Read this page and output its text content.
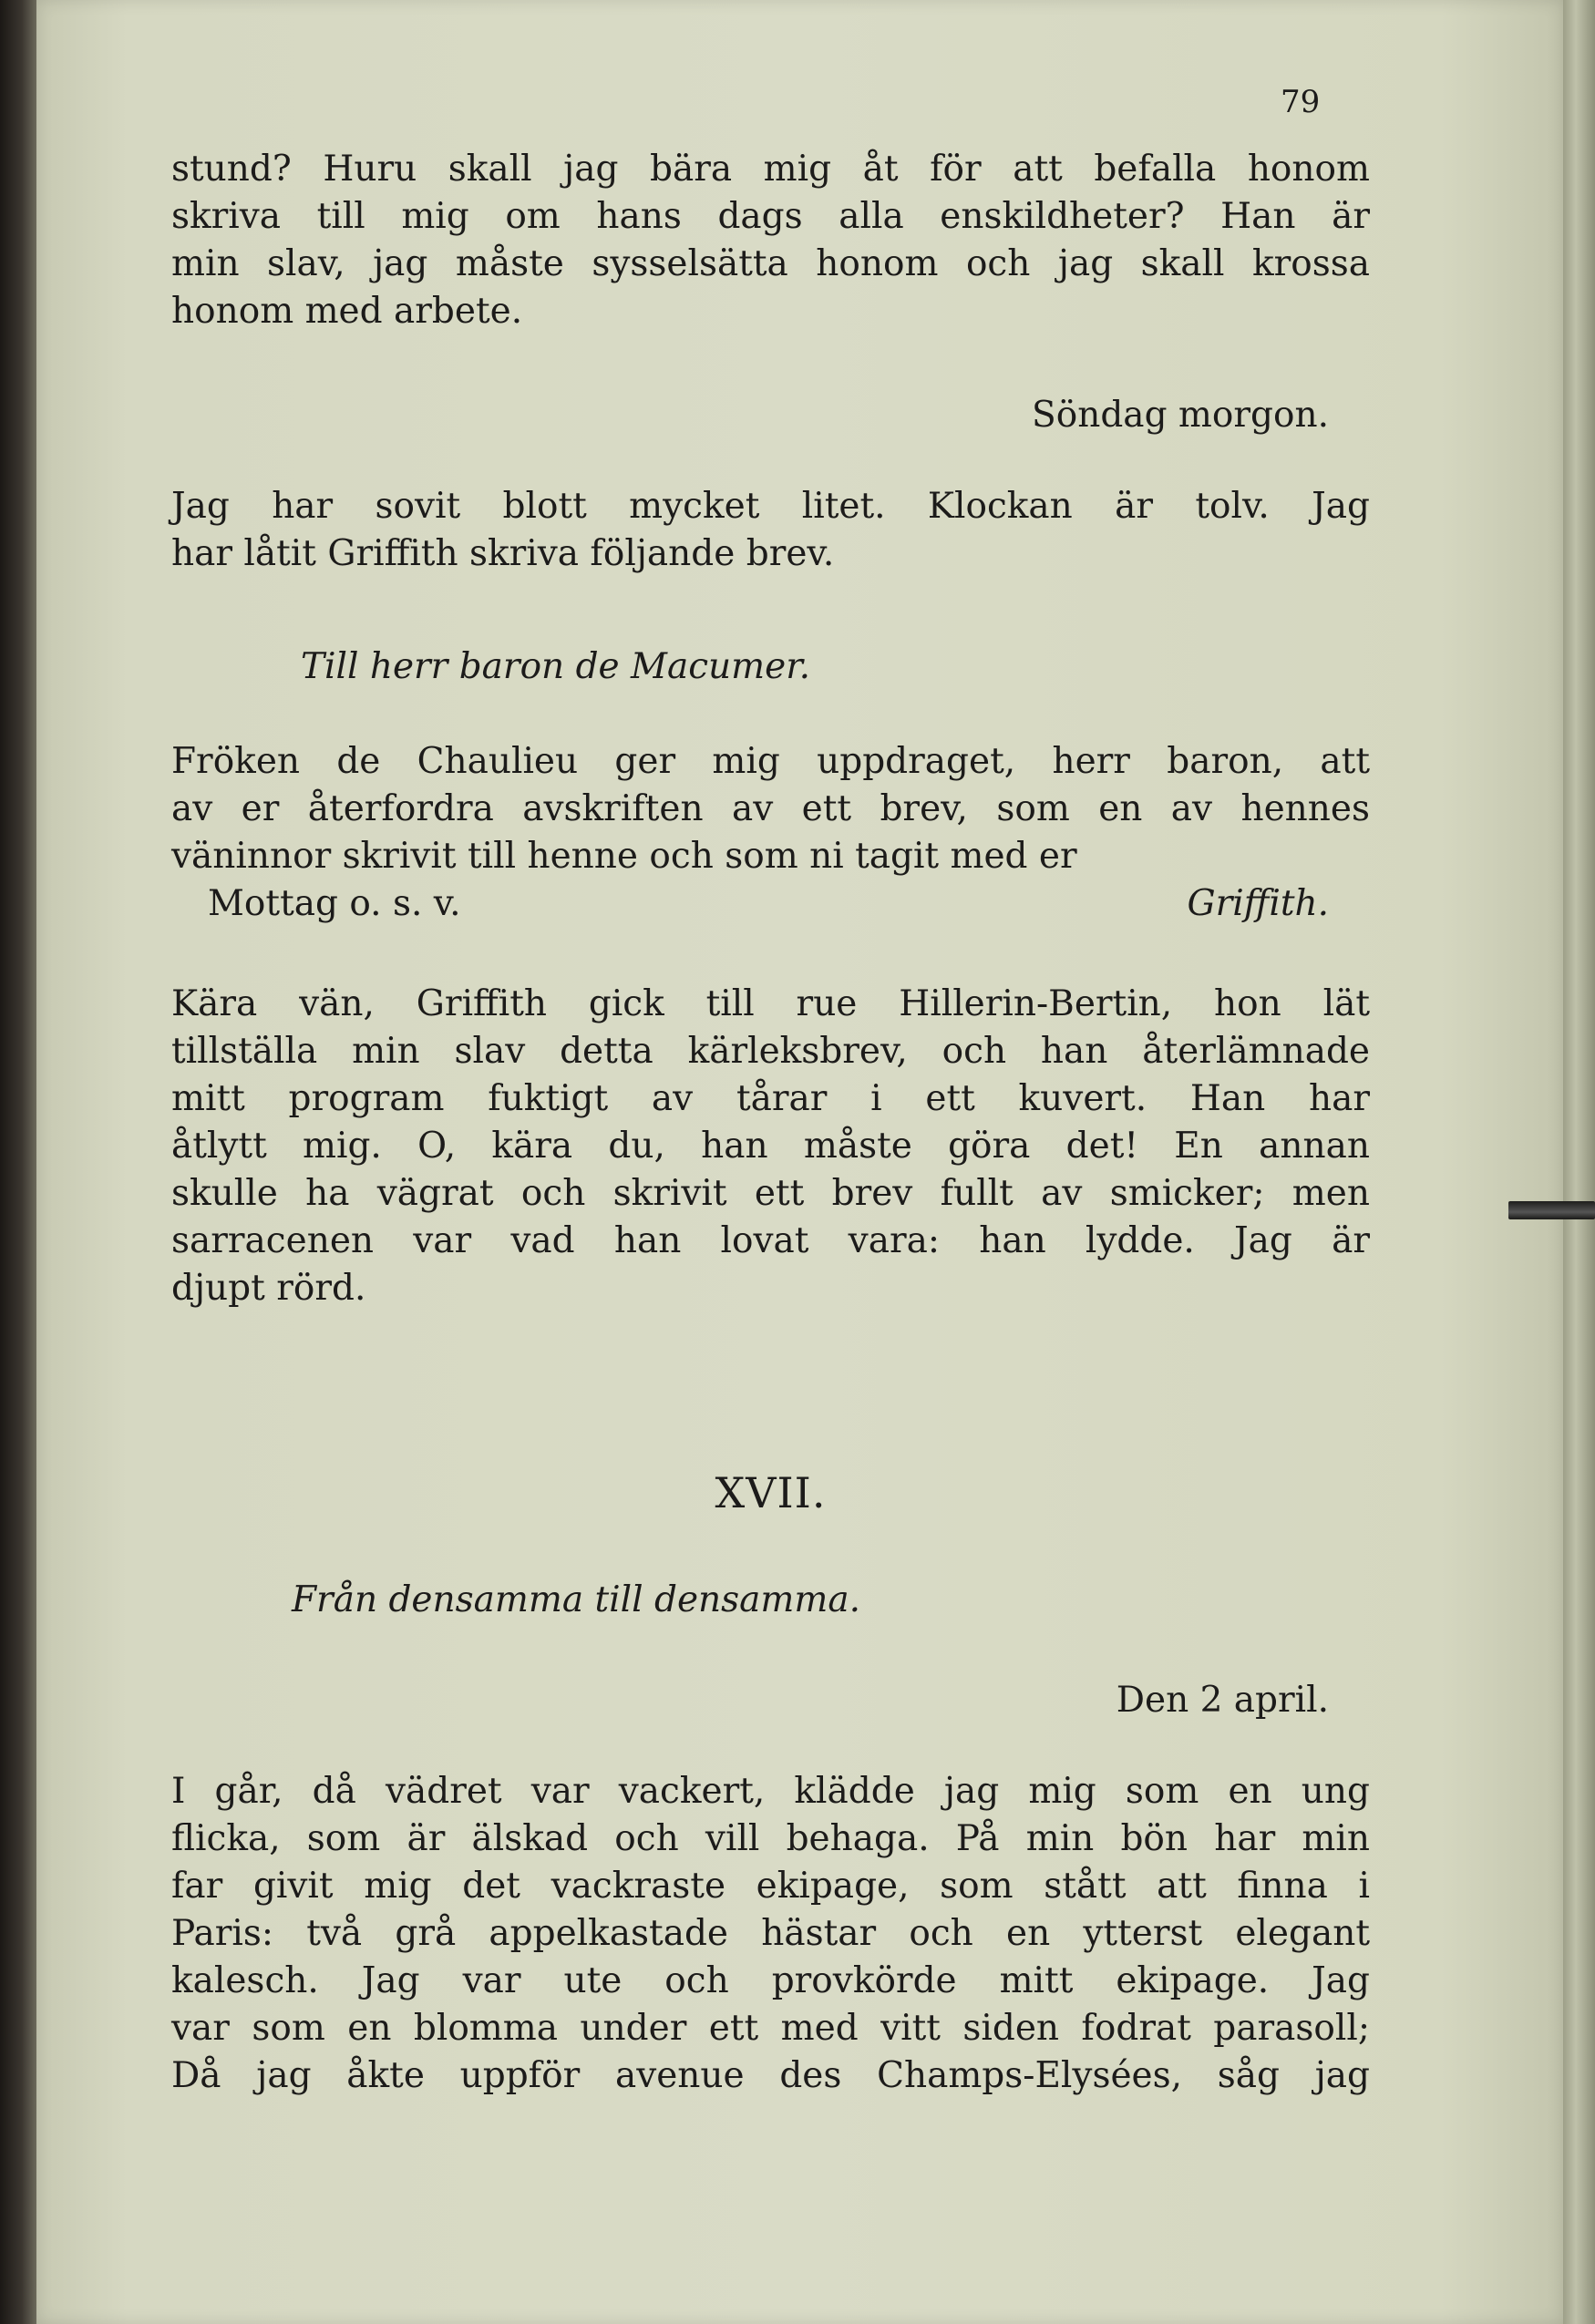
79
stund? Huru skall jag bära mig åt för att befalla honom
skriva till mig om hans dags alla enskildheter? Han är
min slav, jag måste sysselsätta honom och jag skall krossa
honom med arbete.
Söndag morgon.
Jag har sovit blott mycket litet. Klockan är tolv. Jag
har låtit Griffith skriva följande brev.
Till herr baron de Macumer.
Fröken de Chaulieu ger mig uppdraget, herr baron, att
av er återfordra avskriften av ett brev, som en av hennes
väninnor skrivit till henne och som ni tagit med er
Mottag o. s. v.	Griffith.
Kära vän, Griffith gick till rue Hillerin-Bertin, hon lät
tillställa min slav detta kärleksbrev, och han återlämnade
mitt program fuktigt av tårar i ett kuvert. Han har
åtlytt mig. O, kära du, han måste göra det! En annan
skulle ha vägrat och skrivit ett brev fullt av smicker; men
sarracenen var vad han lovat vara: han lydde. Jag är
djupt rörd.
XVII.
Från densamma till densamma.
Den 2 april.
I går, då vädret var vackert, klädde jag mig som en ung
flicka, som är älskad och vill behaga. På min bön har min
far givit mig det vackraste ekipage, som stått att finna i
Paris: två grå appelkastade hästar och en ytterst elegant
kalesch. Jag var ute och provkörde mitt ekipage. Jag
var som en blomma under ett med vitt siden fodrat parasoll;
Då jag åkte uppför avenue des Champs-Elysées, såg jag
